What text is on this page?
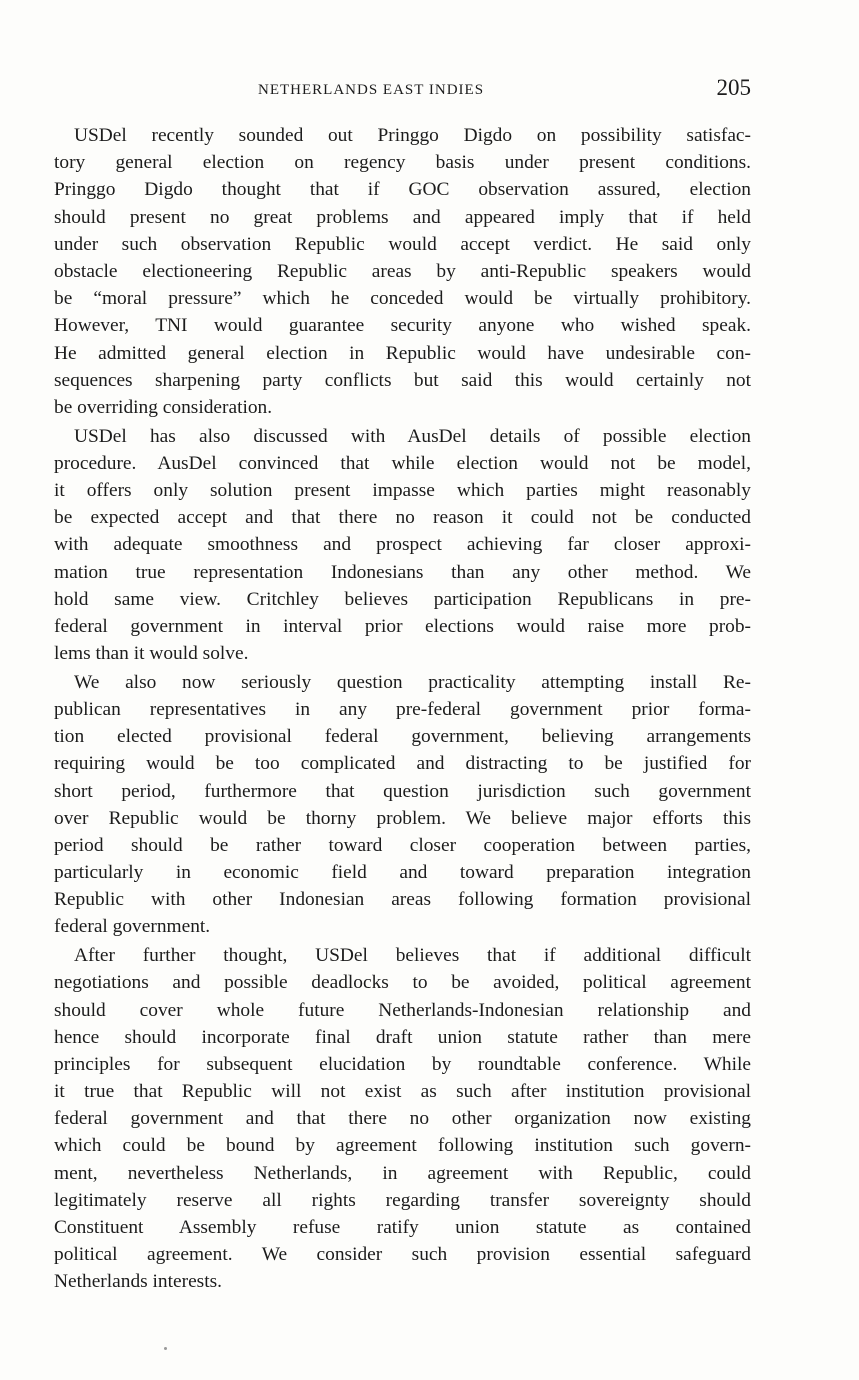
NETHERLANDS EAST INDIES	205
USDel recently sounded out Pringgo Digdo on possibility satisfac-
tory general election on regency basis under present conditions.
Pringgo Digdo thought that if GOC observation assured, election
should present no great problems and appeared imply that if held
under such observation Republic would accept verdict. He said only
obstacle electioneering Republic areas by anti-Republic speakers would
be “moral pressure” which he conceded would be virtually prohibitory.
However, TNI would guarantee security anyone who wished speak.
He admitted general election in Republic would have undesirable con-
sequences sharpening party conflicts but said this would certainly not
be overriding consideration.
USDel has also discussed with AusDel details of possible election
procedure. AusDel convinced that while election would not be model,
it offers only solution present impasse which parties might reasonably
be expected accept and that there no reason it could not be conducted
with adequate smoothness and prospect achieving far closer approxi-
mation true representation Indonesians than any other method. We
hold same view. Critchley believes participation Republicans in pre-
federal government in interval prior elections would raise more prob-
lems than it would solve.
We also now seriously question practicality attempting install Re-
publican representatives in any pre-federal government prior forma-
tion elected provisional federal government, believing arrangements
requiring would be too complicated and distracting to be justified for
short period, furthermore that question jurisdiction such government
over Republic would be thorny problem. We believe major efforts this
period should be rather toward closer cooperation between parties,
particularly in economic field and toward preparation integration
Republic with other Indonesian areas following formation provisional
federal government.
After further thought, USDel believes that if additional difficult
negotiations and possible deadlocks to be avoided, political agreement
should cover whole future Netherlands-Indonesian relationship and
hence should incorporate final draft union statute rather than mere
principles for subsequent elucidation by roundtable conference. While
it true that Republic will not exist as such after institution provisional
federal government and that there no other organization now existing
which could be bound by agreement following institution such govern-
ment, nevertheless Netherlands, in agreement with Republic, could
legitimately reserve all rights regarding transfer sovereignty should
Constituent Assembly refuse ratify union statute as contained
political agreement. We consider such provision essential safeguard
Netherlands interests.
